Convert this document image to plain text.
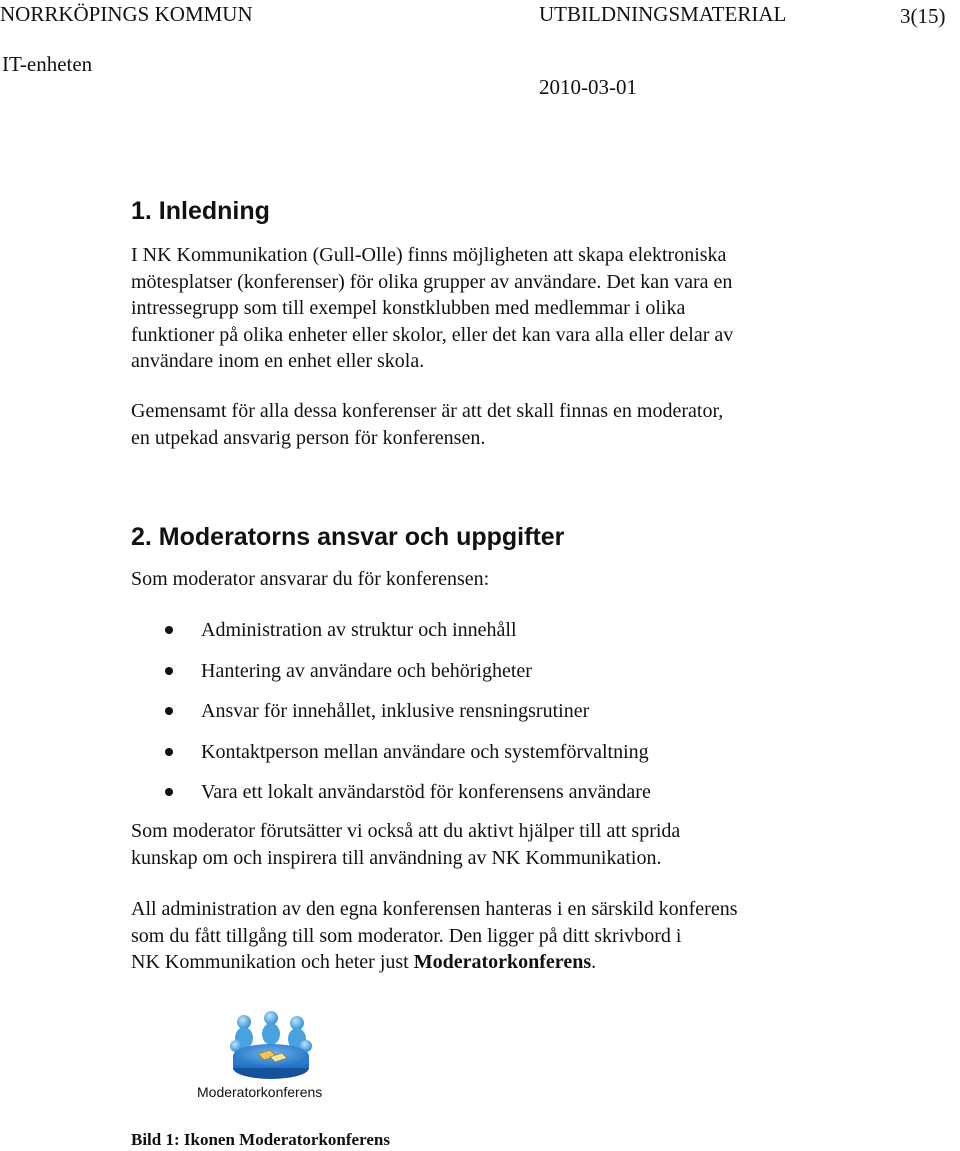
NORRKÖPINGS KOMMUN	UTBILDNINGSMATERIAL	3(15)
IT-enheten
2010-03-01
1. Inledning
I NK Kommunikation (Gull-Olle) finns möjligheten att skapa elektroniska
mötesplatser (konferenser) för olika grupper av användare. Det kan vara en
intressegrupp som till exempel konstklubben med medlemmar i olika
funktioner på olika enheter eller skolor, eller det kan vara alla eller delar av
användare inom en enhet eller skola.
Gemensamt för alla dessa konferenser är att det skall finnas en moderator,
en utpekad ansvarig person för konferensen.
2. Moderatorns ansvar och uppgifter
Som moderator ansvarar du för konferensen:
Administration av struktur och innehåll
Hantering av användare och behörigheter
Ansvar för innehållet, inklusive rensningsrutiner
Kontaktperson mellan användare och systemförvaltning
Vara ett lokalt användarstöd för konferensens användare
Som moderator förutsätter vi också att du aktivt hjälper till att sprida
kunskap om och inspirera till användning av NK Kommunikation.
All administration av den egna konferensen hanteras i en särskild konferens
som du fått tillgång till som moderator. Den ligger på ditt skrivbord i
NK Kommunikation och heter just Moderatorkonferens.
Moderatorkonferens
Bild 1: Ikonen Moderatorkonferens
